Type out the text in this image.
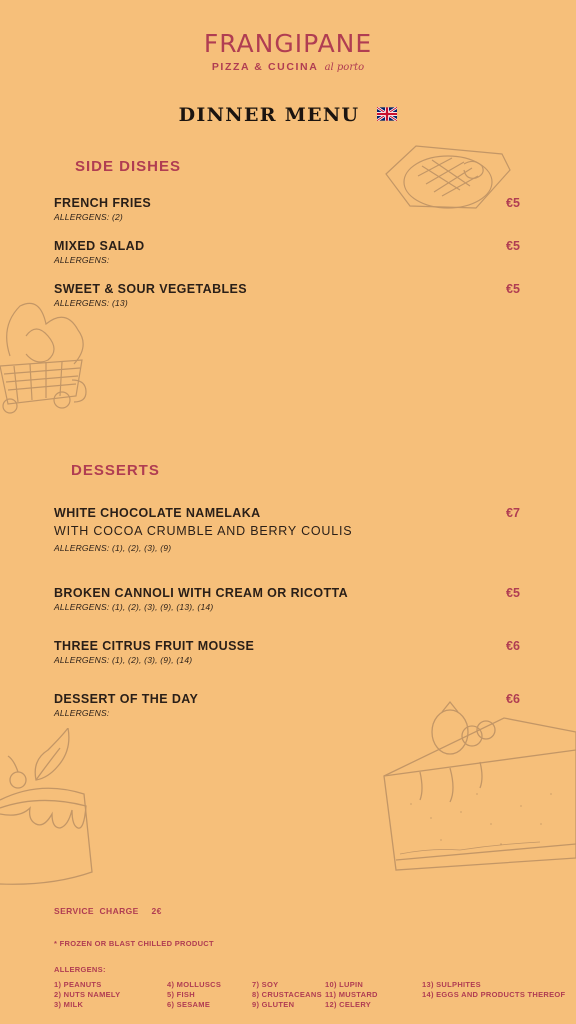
FRANGIPANE
PIZZA & CUCINA al porto
DINNER MENU
SIDE DISHES
FRENCH FRIES
ALLERGENS: (2)
€5
MIXED SALAD
ALLERGENS:
€5
SWEET & SOUR VEGETABLES
ALLERGENS: (13)
€5
DESSERTS
WHITE CHOCOLATE NAMELAKA
WITH COCOA CRUMBLE AND BERRY COULIS
ALLERGENS: (1), (2), (3), (9)
€7
BROKEN CANNOLI WITH CREAM OR RICOTTA
ALLERGENS: (1), (2), (3), (9), (13), (14)
€5
THREE CITRUS FRUIT MOUSSE
ALLERGENS: (1), (2), (3), (9), (14)
€6
DESSERT OF THE DAY
ALLERGENS:
€6
SERVICE  CHARGE 2€
* FROZEN OR BLAST CHILLED PRODUCT
ALLERGENS:
1) PEANUTS
2) NUTS NAMELY
3) MILK
4) MOLLUSCS
5) FISH
6) SESAME
7) SOY
8) CRUSTACEANS
9) GLUTEN
10) LUPIN
11) MUSTARD
12) CELERY
13) SULPHITES
14) EGGS AND PRODUCTS THEREOF
